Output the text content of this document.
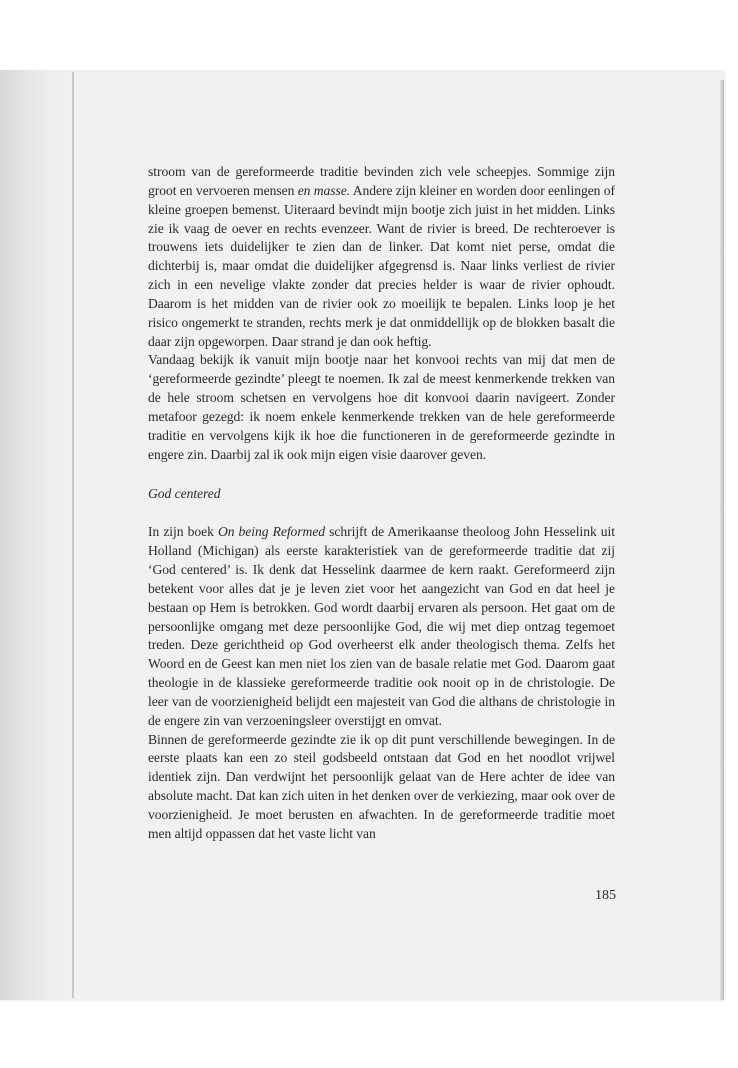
stroom van de gereformeerde traditie bevinden zich vele scheepjes. Sommige zijn groot en vervoeren mensen en masse. Andere zijn kleiner en worden door eenlingen of kleine groepen bemenst. Uiteraard bevindt mijn bootje zich juist in het midden. Links zie ik vaag de oever en rechts evenzeer. Want de rivier is breed. De rechteroever is trouwens iets duidelijker te zien dan de linker. Dat komt niet perse, omdat die dichterbij is, maar omdat die duidelijker afgegrensd is. Naar links verliest de rivier zich in een nevelige vlakte zonder dat precies helder is waar de rivier ophoudt. Daarom is het midden van de rivier ook zo moeilijk te bepalen. Links loop je het risico ongemerkt te stranden, rechts merk je dat onmiddellijk op de blokken basalt die daar zijn opgeworpen. Daar strand je dan ook heftig.

Vandaag bekijk ik vanuit mijn bootje naar het konvooi rechts van mij dat men de ‘gereformeerde gezindte’ pleegt te noemen. Ik zal de meest kenmerkende trekken van de hele stroom schetsen en vervolgens hoe dit konvooi daarin navigeert. Zonder metafoor gezegd: ik noem enkele kenmerkende trekken van de hele gereformeerde traditie en vervolgens kijk ik hoe die functioneren in de gereformeerde gezindte in engere zin. Daarbij zal ik ook mijn eigen visie daarover geven.

God centered

In zijn boek On being Reformed schrijft de Amerikaanse theoloog John Hesselink uit Holland (Michigan) als eerste karakteristiek van de gereformeerde traditie dat zij ‘God centered’ is. Ik denk dat Hesselink daarmee de kern raakt. Gereformeerd zijn betekent voor alles dat je je leven ziet voor het aangezicht van God en dat heel je bestaan op Hem is betrokken. God wordt daarbij ervaren als persoon. Het gaat om de persoonlijke omgang met deze persoonlijke God, die wij met diep ontzag tegemoet treden. Deze gerichtheid op God overheerst elk ander theologisch thema. Zelfs het Woord en de Geest kan men niet los zien van de basale relatie met God. Daarom gaat theologie in de klassieke gereformeerde traditie ook nooit op in de christologie. De leer van de voorzienigheid belijdt een majesteit van God die althans de christologie in de engere zin van verzoeningsleer overstijgt en omvat.

Binnen de gereformeerde gezindte zie ik op dit punt verschillende bewegingen. In de eerste plaats kan een zo steil godsbeeld ontstaan dat God en het noodlot vrijwel identiek zijn. Dan verdwijnt het persoonlijk gelaat van de Here achter de idee van absolute macht. Dat kan zich uiten in het denken over de verkiezing, maar ook over de voorzienigheid. Je moet berusten en afwachten. In de gereformeerde traditie moet men altijd oppassen dat het vaste licht van

185
